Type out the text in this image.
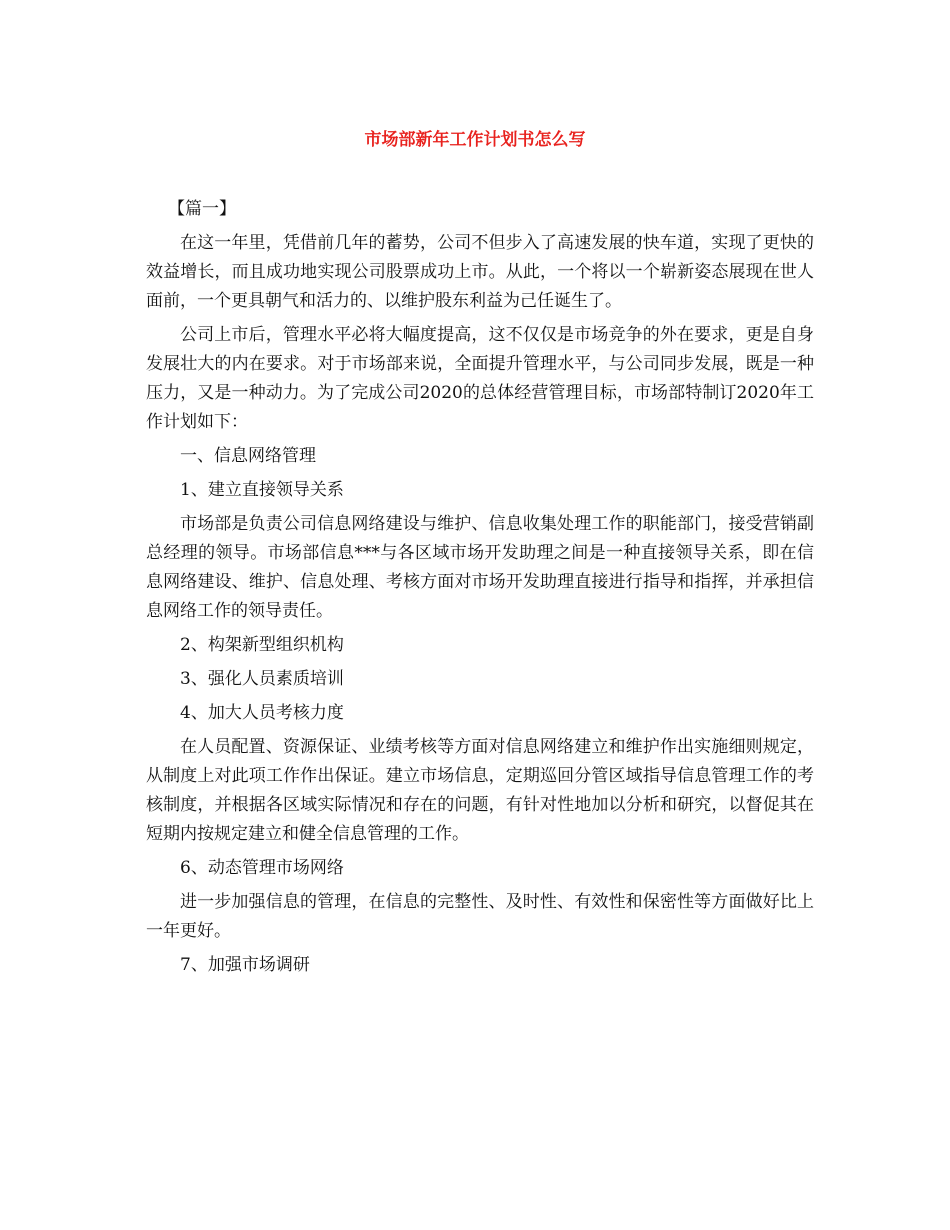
市场部新年工作计划书怎么写

【篇一】

在这一年里，凭借前几年的蓄势，公司不但步入了高速发展的快车道，实现了更快的效益增长，而且成功地实现公司股票成功上市。从此，一个将以一个崭新姿态展现在世人面前，一个更具朝气和活力的、以维护股东利益为己任诞生了。

公司上市后，管理水平必将大幅度提高，这不仅仅是市场竞争的外在要求，更是自身发展壮大的内在要求。对于市场部来说，全面提升管理水平，与公司同步发展，既是一种压力，又是一种动力。为了完成公司2020的总体经营管理目标，市场部特制订2020年工作计划如下：

一、信息网络管理

1、建立直接领导关系

市场部是负责公司信息网络建设与维护、信息收集处理工作的职能部门，接受营销副总经理的领导。市场部信息***与各区域市场开发助理之间是一种直接领导关系，即在信息网络建设、维护、信息处理、考核方面对市场开发助理直接进行指导和指挥，并承担信息网络工作的领导责任。

2、构架新型组织机构

3、强化人员素质培训

4、加大人员考核力度

在人员配置、资源保证、业绩考核等方面对信息网络建立和维护作出实施细则规定，从制度上对此项工作作出保证。建立市场信息，定期巡回分管区域指导信息管理工作的考核制度，并根据各区域实际情况和存在的问题，有针对性地加以分析和研究，以督促其在短期内按规定建立和健全信息管理的工作。

6、动态管理市场网络

进一步加强信息的管理，在信息的完整性、及时性、有效性和保密性等方面做好比上一年更好。

7、加强市场调研
